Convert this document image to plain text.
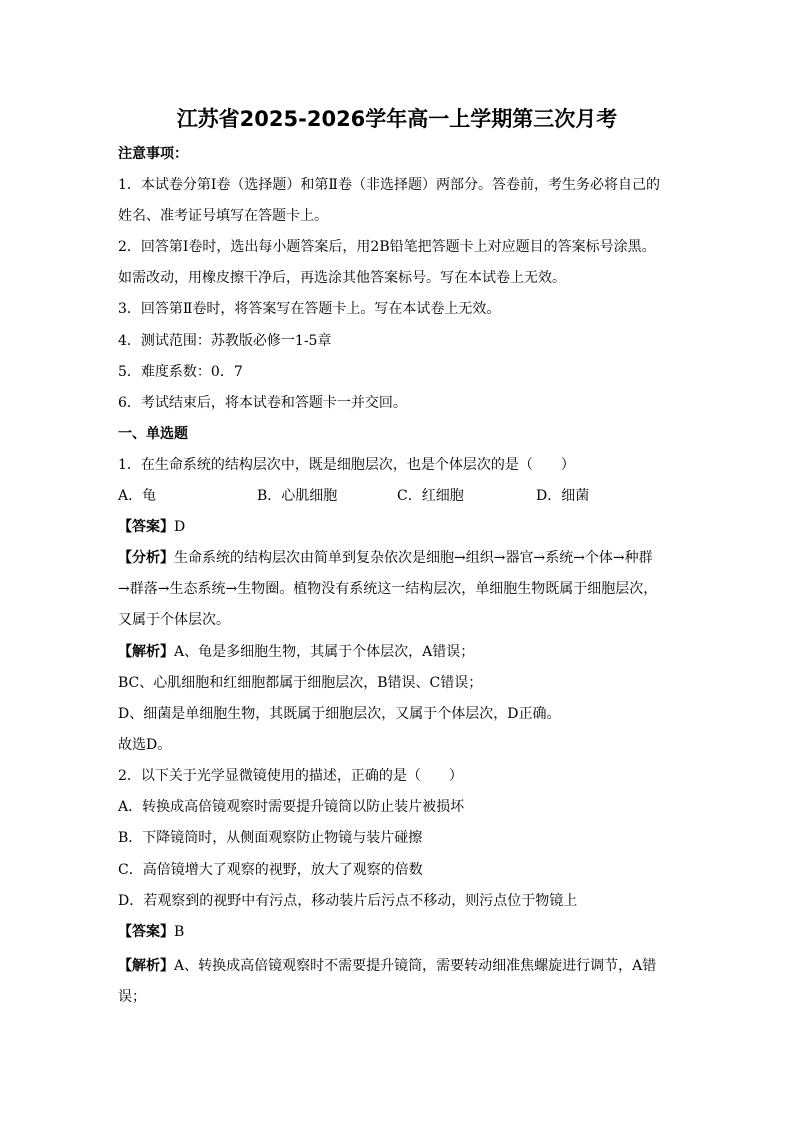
江苏省2025-2026学年高一上学期第三次月考
注意事项：
1．本试卷分第Ⅰ卷（选择题）和第Ⅱ卷（非选择题）两部分。答卷前，考生务必将自己的
姓名、准考证号填写在答题卡上。
2．回答第Ⅰ卷时，选出每小题答案后，用2B铅笔把答题卡上对应题目的答案标号涂黑。
如需改动，用橡皮擦干净后，再选涂其他答案标号。写在本试卷上无效。
3．回答第Ⅱ卷时，将答案写在答题卡上。写在本试卷上无效。
4．测试范围：苏教版必修一1-5章
5．难度系数：0．7
6．考试结束后，将本试卷和答题卡一并交回。
一、单选题
1．在生命系统的结构层次中，既是细胞层次，也是个体层次的是（　　）
A．龟	B．心肌细胞	C．红细胞	D．细菌
【答案】D
【分析】生命系统的结构层次由简单到复杂依次是细胞→组织→器官→系统→个体→种群
→群落→生态系统→生物圈。植物没有系统这一结构层次，单细胞生物既属于细胞层次，
又属于个体层次。
【解析】A、龟是多细胞生物，其属于个体层次，A错误；
BC、心肌细胞和红细胞都属于细胞层次，B错误、C错误；
D、细菌是单细胞生物，其既属于细胞层次，又属于个体层次，D正确。
故选D。
2．以下关于光学显微镜使用的描述，正确的是（　　）
A．转换成高倍镜观察时需要提升镜筒以防止装片被损坏
B．下降镜筒时，从侧面观察防止物镜与装片碰擦
C．高倍镜增大了观察的视野，放大了观察的倍数
D．若观察到的视野中有污点，移动装片后污点不移动，则污点位于物镜上
【答案】B
【解析】A、转换成高倍镜观察时不需要提升镜筒，需要转动细准焦螺旋进行调节，A错
误；
